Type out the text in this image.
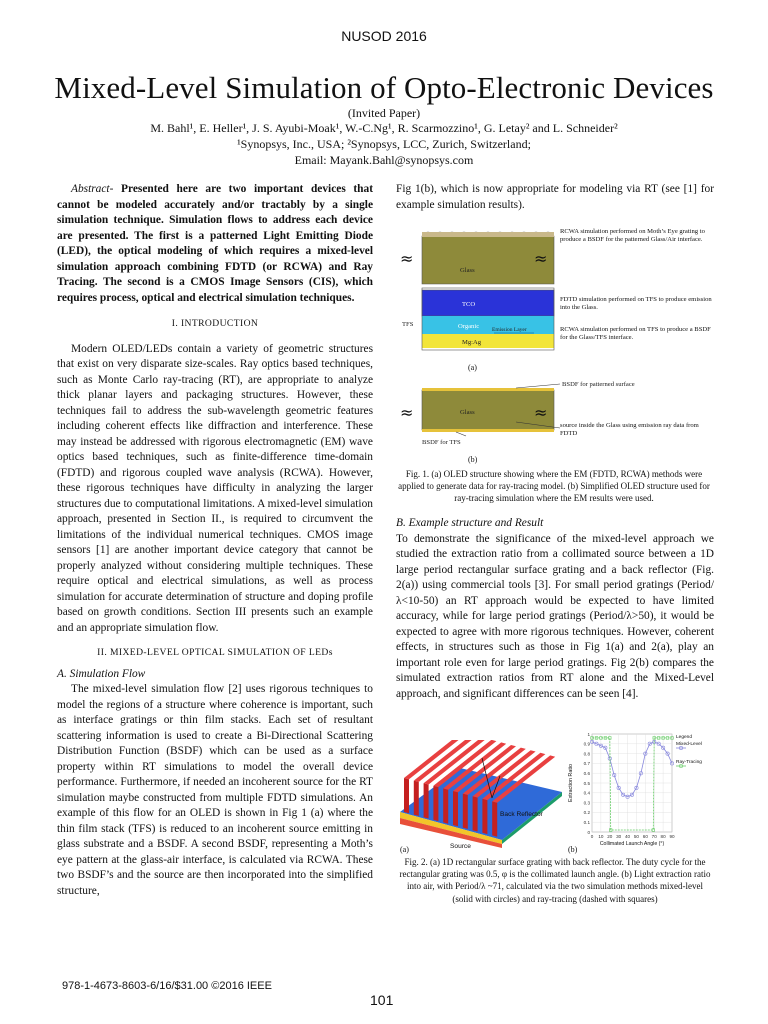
NUSOD 2016
Mixed-Level Simulation of Opto-Electronic Devices
(Invited Paper)
M. Bahl¹, E. Heller¹, J. S. Ayubi-Moak¹, W.-C.Ng¹, R. Scarmozzino¹, G. Letay² and L. Schneider²
¹Synopsys, Inc., USA; ²Synopsys, LCC, Zurich, Switzerland;
Email: Mayank.Bahl@synopsys.com

Abstract- Presented here are two important devices that cannot be modeled accurately and/or tractably by a single simulation technique. Simulation flows to address each device are presented. The first is a patterned Light Emitting Diode (LED), the optical modeling of which requires a mixed-level simulation approach combining FDTD (or RCWA) and Ray Tracing. The second is a CMOS Image Sensors (CIS), which requires process, optical and electrical simulation techniques.

I. INTRODUCTION

Modern OLED/LEDs contain a variety of geometric structures that exist on very disparate size-scales. Ray optics based techniques, such as Monte Carlo ray-tracing (RT), are appropriate to analyze thick planar layers and packaging structures. However, these techniques fail to address the sub-wavelength geometric features including coherent effects like diffraction and interference. These may instead be addressed with rigorous electromagnetic (EM) wave optics based techniques, such as finite-difference time-domain (FDTD) and rigorous coupled wave analysis (RCWA). However, these rigorous techniques have difficulty in analyzing the larger structures due to computational limitations. A mixed-level simulation approach, presented in Section II., is required to circumvent the limitations of the individual numerical techniques. CMOS image sensors [1] are another important device category that cannot be properly analyzed without considering multiple techniques. These require optical and electrical simulations, as well as process simulation for accurate determination of structure and doping profile based on growth conditions. Section III presents such an example and an appropriate simulation flow.

II. MIXED-LEVEL OPTICAL SIMULATION OF LEDs
A. Simulation Flow

The mixed-level simulation flow [2] uses rigorous techniques to model the regions of a structure where coherence is important, such as interface gratings or thin film stacks. Each set of resultant scattering information is used to create a Bi-Directional Scattering Distribution Function (BSDF) which can be used as a surface property within RT simulations to model the overall device performance. Furthermore, if needed an incoherent source for the RT simulation maybe constructed from multiple FDTD simulations. An example of this flow for an OLED is shown in Fig 1 (a) where the thin film stack (TFS) is reduced to an incoherent source emitting in glass substrate and a BSDF. A second BSDF, representing a Moth’s eye pattern at the glass-air interface, is calculated via RCWA. These two BSDF’s and the source are then incorporated into the simplified structure,

Fig 1(b), which is now appropriate for modeling via RT (see [1] for example simulation results).

Glass
TCO
Organic Emission Layer
Mg:Ag
TFS
≈	≈
RCWA simulation performed on Moth’s Eye grating to produce a BSDF for the patterned Glass/Air interface.
FDTD simulation performed on TFS to produce emission into the Glass.
RCWA simulation performed on TFS to produce a BSDF for the Glass/TFS interface.
(a)
Glass
≈	≈
BSDF for patterned surface
source inside the Glass using emission ray data from FDTD
BSDF for TFS
(b)
Fig. 1. (a) OLED structure showing where the EM (FDTD, RCWA) methods were applied to generate data for ray-tracing model. (b) Simplified OLED structure used for ray-tracing simulation where the EM results were used.
B. Example structure and Result

To demonstrate the significance of the mixed-level approach we studied the extraction ratio from a collimated source between a 1D large period rectangular surface grating and a back reflector (Fig. 2(a)) using commercial tools [3]. For small period gratings (Period/λ<10-50) an RT approach would be expected to have limited accuracy, while for large period gratings (Period/λ>50), it would be expected to agree with more rigorous techniques. However, coherent effects, in structures such as those in Fig 1(a) and 2(a), play an important role even for large period gratings. Fig 2(b) compares the simulated extraction ratios from RT alone and the Mixed-Level approach, and significant differences can be seen [4].

Back Reflector
Source
(a)
0
0.1
0.2
0.3
0.4
0.5
0.6
0.7
0.8
0.9
1
0 10 20 30 40 50 60 70 80 90
Collimated Launch Angle (°)
Extraction Ratio
Legend
Mixed-Level
Ray-Tracing
(b)
Fig. 2. (a) 1D rectangular surface grating with back reflector. The duty cycle for the rectangular grating was 0.5, φ is the collimated launch angle. (b) Light extraction ratio into air, with Period/λ ~71, calculated via the two simulation methods mixed-level (solid with circles) and ray-tracing (dashed with squares)
978-1-4673-8603-6/16/$31.00 ©2016 IEEE
101
